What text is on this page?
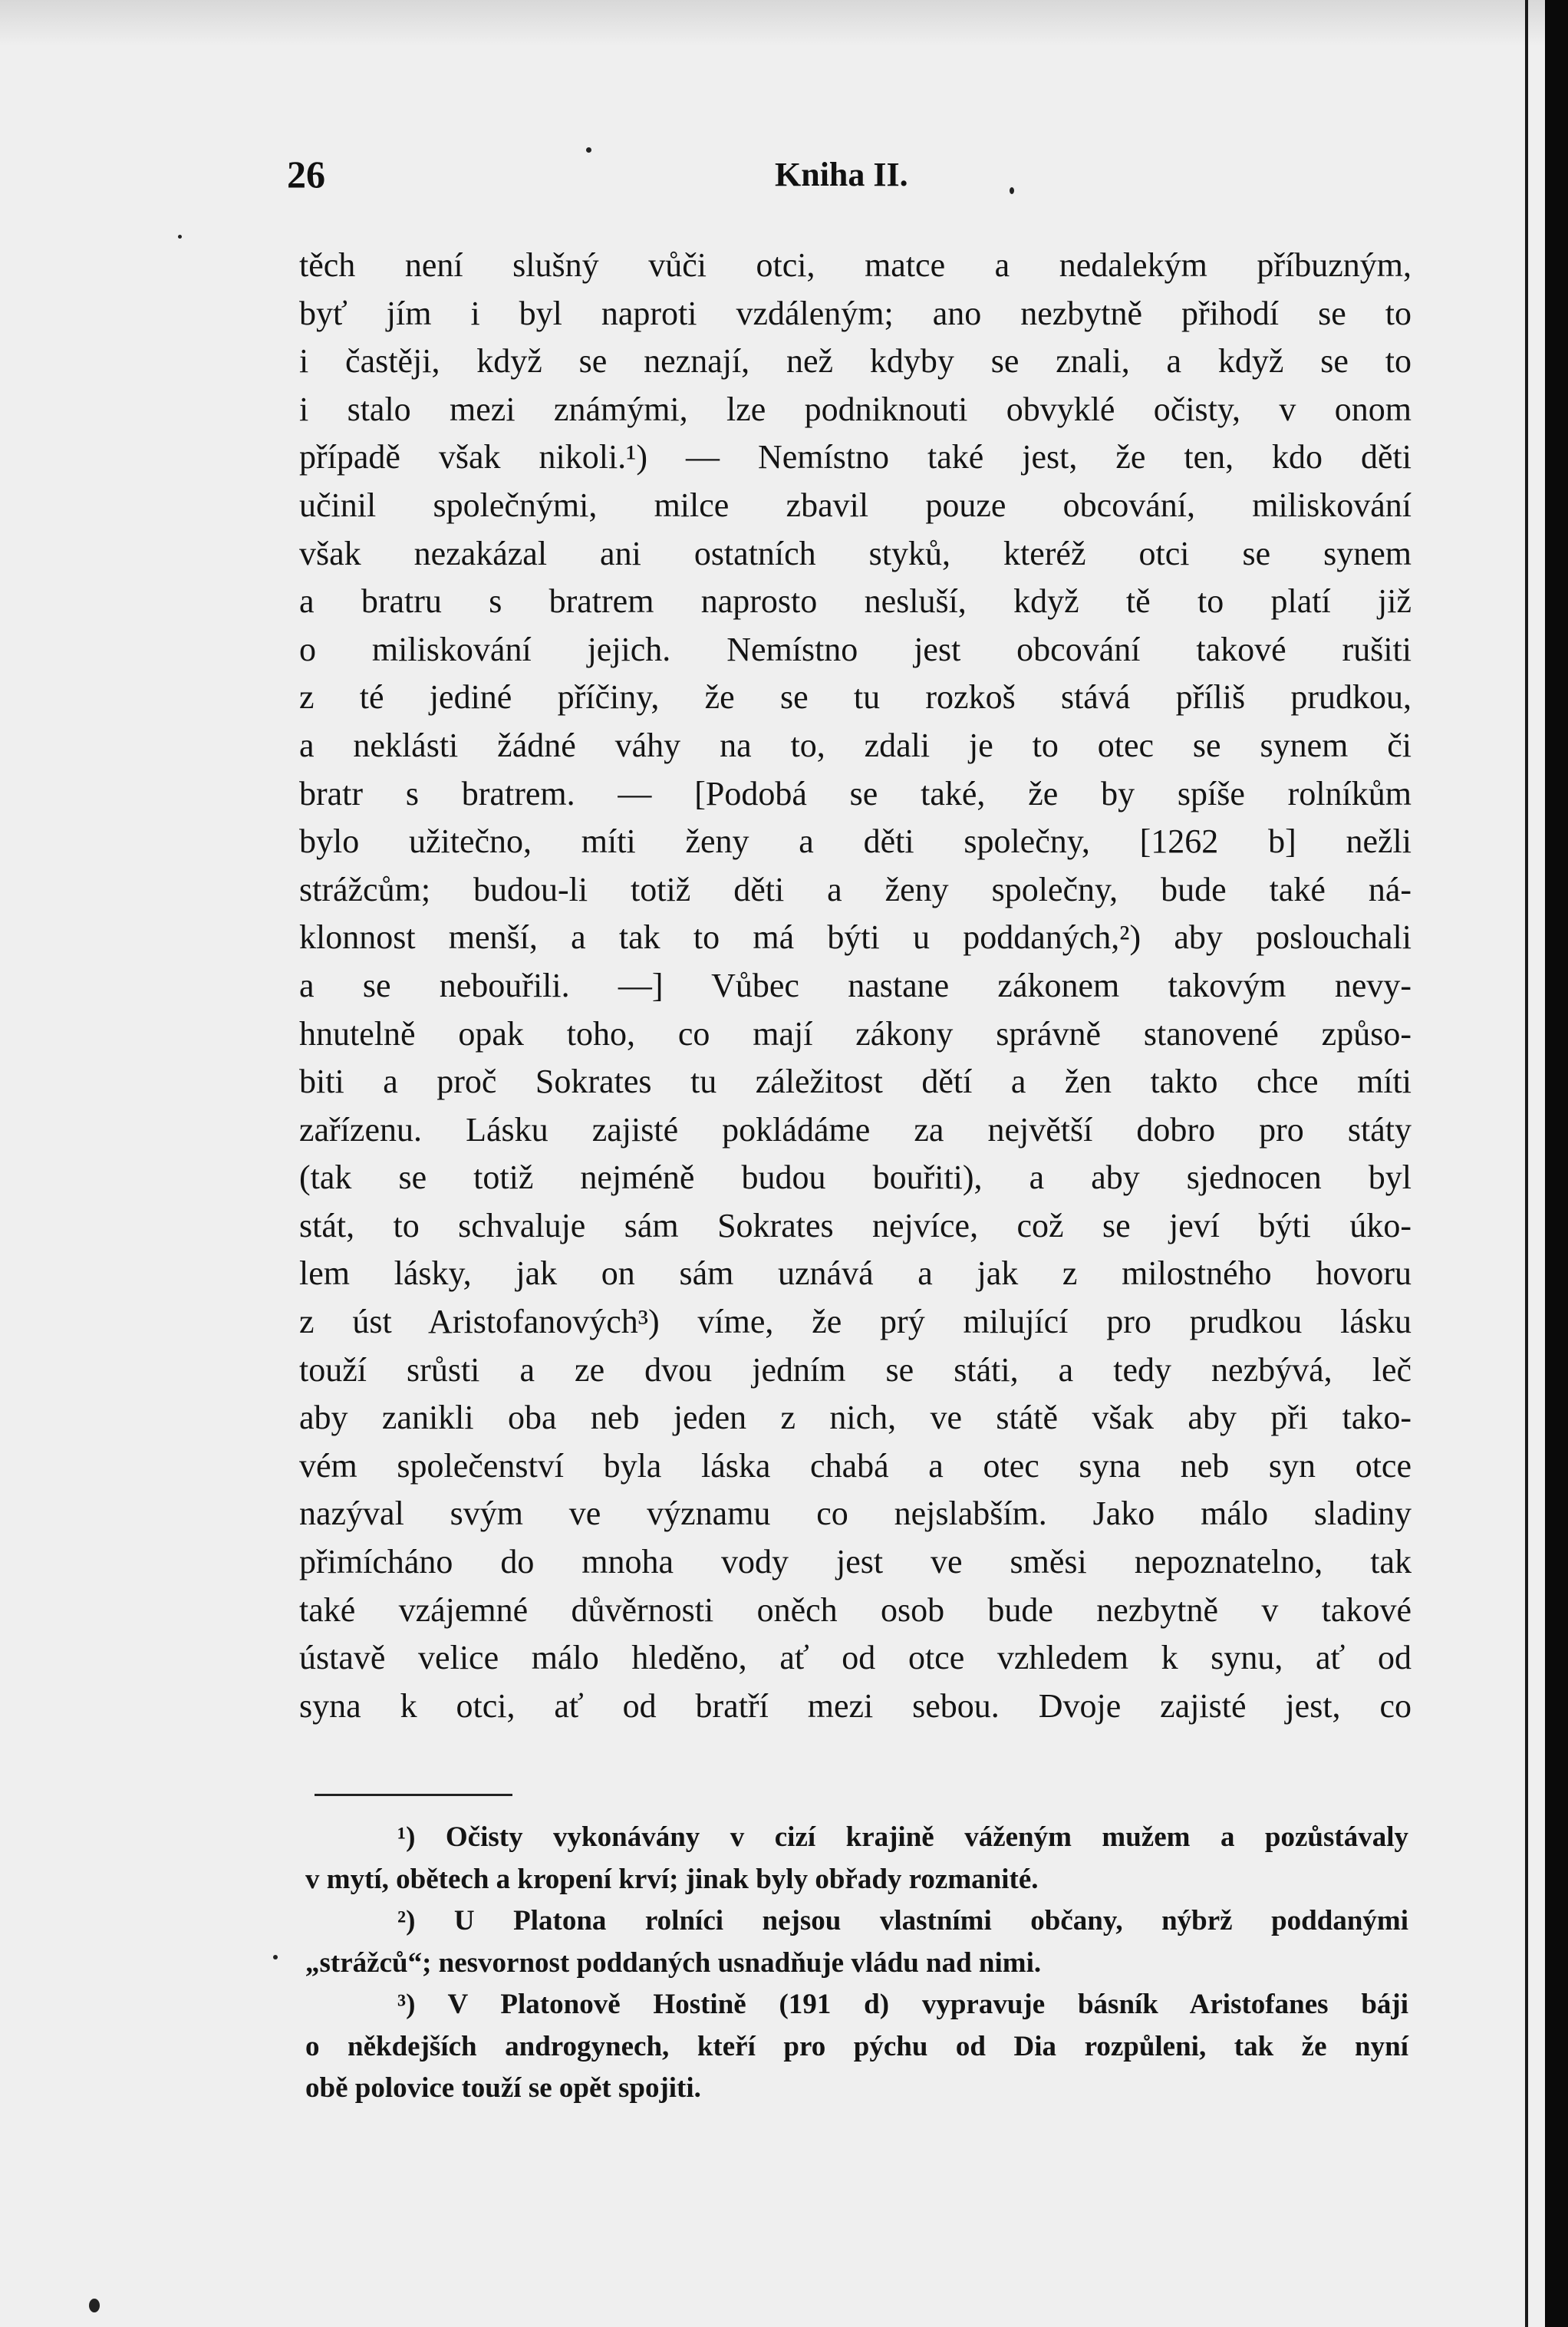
26	Kniha II.
těch není slušný vůči otci, matce a nedalekým příbuzným,
byť jím i byl naproti vzdáleným; ano nezbytně přihodí se to
i častěji, když se neznají, než kdyby se znali, a když se to
i stalo mezi známými, lze podniknouti obvyklé očisty, v onom
případě však nikoli.¹) — Nemístno také jest, že ten, kdo děti
učinil společnými, milce zbavil pouze obcování, miliskování
však nezakázal ani ostatních styků, kteréž otci se synem
a bratru s bratrem naprosto nesluší, když tě to platí již
o miliskování jejich. Nemístno jest obcování takové rušiti
z té jediné příčiny, že se tu rozkoš stává příliš prudkou,
a neklásti žádné váhy na to, zdali je to otec se synem či
bratr s bratrem. — [Podobá se také, že by spíše rolníkům
bylo užitečno, míti ženy a děti společny, [1262 b] nežli
strážcům; budou-li totiž děti a ženy společny, bude také ná-
klonnost menší, a tak to má býti u poddaných,²) aby poslouchali
a se nebouřili. —] Vůbec nastane zákonem takovým nevy-
hnutelně opak toho, co mají zákony správně stanovené způso-
biti a proč Sokrates tu záležitost dětí a žen takto chce míti
zařízenu. Lásku zajisté pokládáme za největší dobro pro státy
(tak se totiž nejméně budou bouřiti), a aby sjednocen byl
stát, to schvaluje sám Sokrates nejvíce, což se jeví býti úko-
lem lásky, jak on sám uznává a jak z milostného hovoru
z úst Aristofanových³) víme, že prý milující pro prudkou lásku
touží srůsti a ze dvou jedním se státi, a tedy nezbývá, leč
aby zanikli oba neb jeden z nich, ve státě však aby při tako-
vém společenství byla láska chabá a otec syna neb syn otce
nazýval svým ve významu co nejslabším. Jako málo sladiny
přimícháno do mnoha vody jest ve směsi nepoznatelno, tak
také vzájemné důvěrnosti oněch osob bude nezbytně v takové
ústavě velice málo hleděno, ať od otce vzhledem k synu, ať od
syna k otci, ať od bratří mezi sebou. Dvoje zajisté jest, co
¹) Očisty vykonávány v cizí krajině váženým mužem a pozůstávaly
v mytí, obětech a kropení krví; jinak byly obřady rozmanité.
²) U Platona rolníci nejsou vlastními občany, nýbrž poddanými
„strážců“; nesvornost poddaných usnadňuje vládu nad nimi.
³) V Platonově Hostině (191 d) vypravuje básník Aristofanes báji
o někdejších androgynech, kteří pro pýchu od Dia rozpůleni, tak že nyní
obě polovice touží se opět spojiti.
